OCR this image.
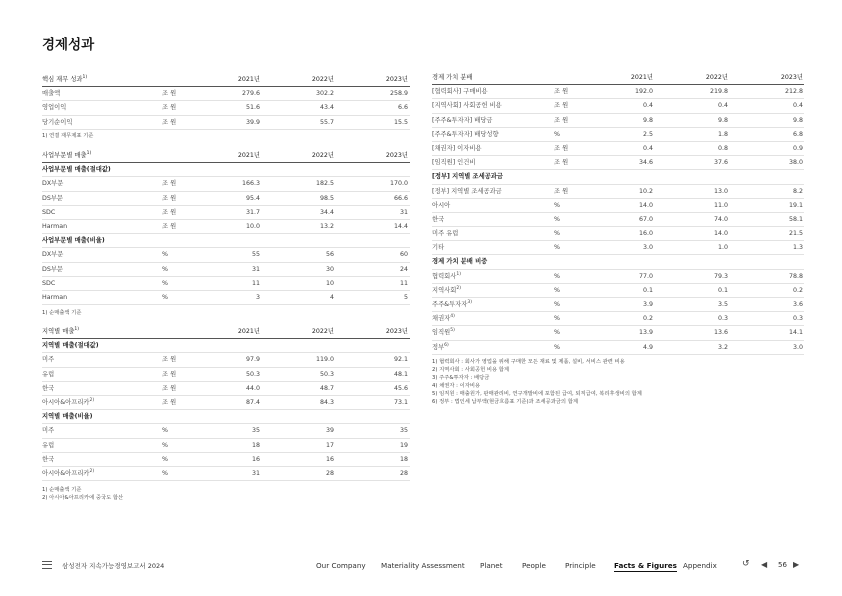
경제성과
핵심 재무 성과$^{1)}$	2021년	2022년	2023년
매출액	조 원	279.6	302.2	258.9
영업이익	조 원	51.6	43.4	6.6
당기순이익	조 원	39.9	55.7	15.5
1) 연결 재무제표 기준
사업부문별 매출$^{1)}$	2021년	2022년	2023년
사업부문별 매출(절대값)
DX부문	조 원	166.3	182.5	170.0
DS부문	조 원	95.4	98.5	66.6
SDC	조 원	31.7	34.4	31
Harman	조 원	10.0	13.2	14.4
사업부문별 매출(비율)
DX부문	%	55	56	60
DS부문	%	31	30	24
SDC	%	11	10	11
Harman	%	3	4	5
1) 순매출액 기준
지역별 매출$^{1)}$	2021년	2022년	2023년
지역별 매출(절대값)
미주	조 원	97.9	119.0	92.1
유럽	조 원	50.3	50.3	48.1
한국	조 원	44.0	48.7	45.6
아시아&아프리카$^{2)}$	조 원	87.4	84.3	73.1
지역별 매출(비율)
미주	%	35	39	35
유럽	%	18	17	19
한국	%	16	16	18
아시아&아프리카$^{2)}$	%	31	28	28
1) 순매출액 기준
2) 아시아&아프리카에 중국도 합산
경제 가치 분배	2021년	2022년	2023년
[협력회사] 구매비용	조 원	192.0	219.8	212.8
[지역사회] 사회공헌 비용	조 원	0.4	0.4	0.4
[주주&투자자] 배당금	조 원	9.8	9.8	9.8
[주주&투자자] 배당성향	%	2.5	1.8	6.8
[채권자] 이자비용	조 원	0.4	0.8	0.9
[임직원] 인건비	조 원	34.6	37.6	38.0
[정부] 지역별 조세공과금
[정부] 지역별 조세공과금	조 원	10.2	13.0	8.2
아시아	%	14.0	11.0	19.1
한국	%	67.0	74.0	58.1
미주 유럽	%	16.0	14.0	21.5
기타	%	3.0	1.0	1.3
경제 가치 분배 비중
협력회사$^{1)}$	%	77.0	79.3	78.8
지역사회$^{2)}$	%	0.1	0.1	0.2
주주&투자자$^{3)}$	%	3.9	3.5	3.6
채권자$^{4)}$	%	0.2	0.3	0.3
임직원$^{5)}$	%	13.9	13.6	14.1
정부$^{6)}$	%	4.9	3.2	3.0
1) 협력회사 : 회사가 영업을 위해 구매한 모든 재료 및 제품, 설비, 서비스 관련 비용
2) 지역사회 : 사회공헌 비용 합계
3) 주주&투자자 : 배당금
4) 채권자 : 이자비용
5) 임직원 : 매출원가, 판매관리비, 연구개발비에 포함된 급여, 퇴직급여, 복리후생비의 합계
6) 정부 : 법인세 납부액(현금흐름표 기준)과 조세공과금의 합계
삼성전자 지속가능경영보고서 2024	Our Company Materiality Assessment Planet	People	Principle	Facts & Figures Appendix	↺ ◀ 56 ▶
